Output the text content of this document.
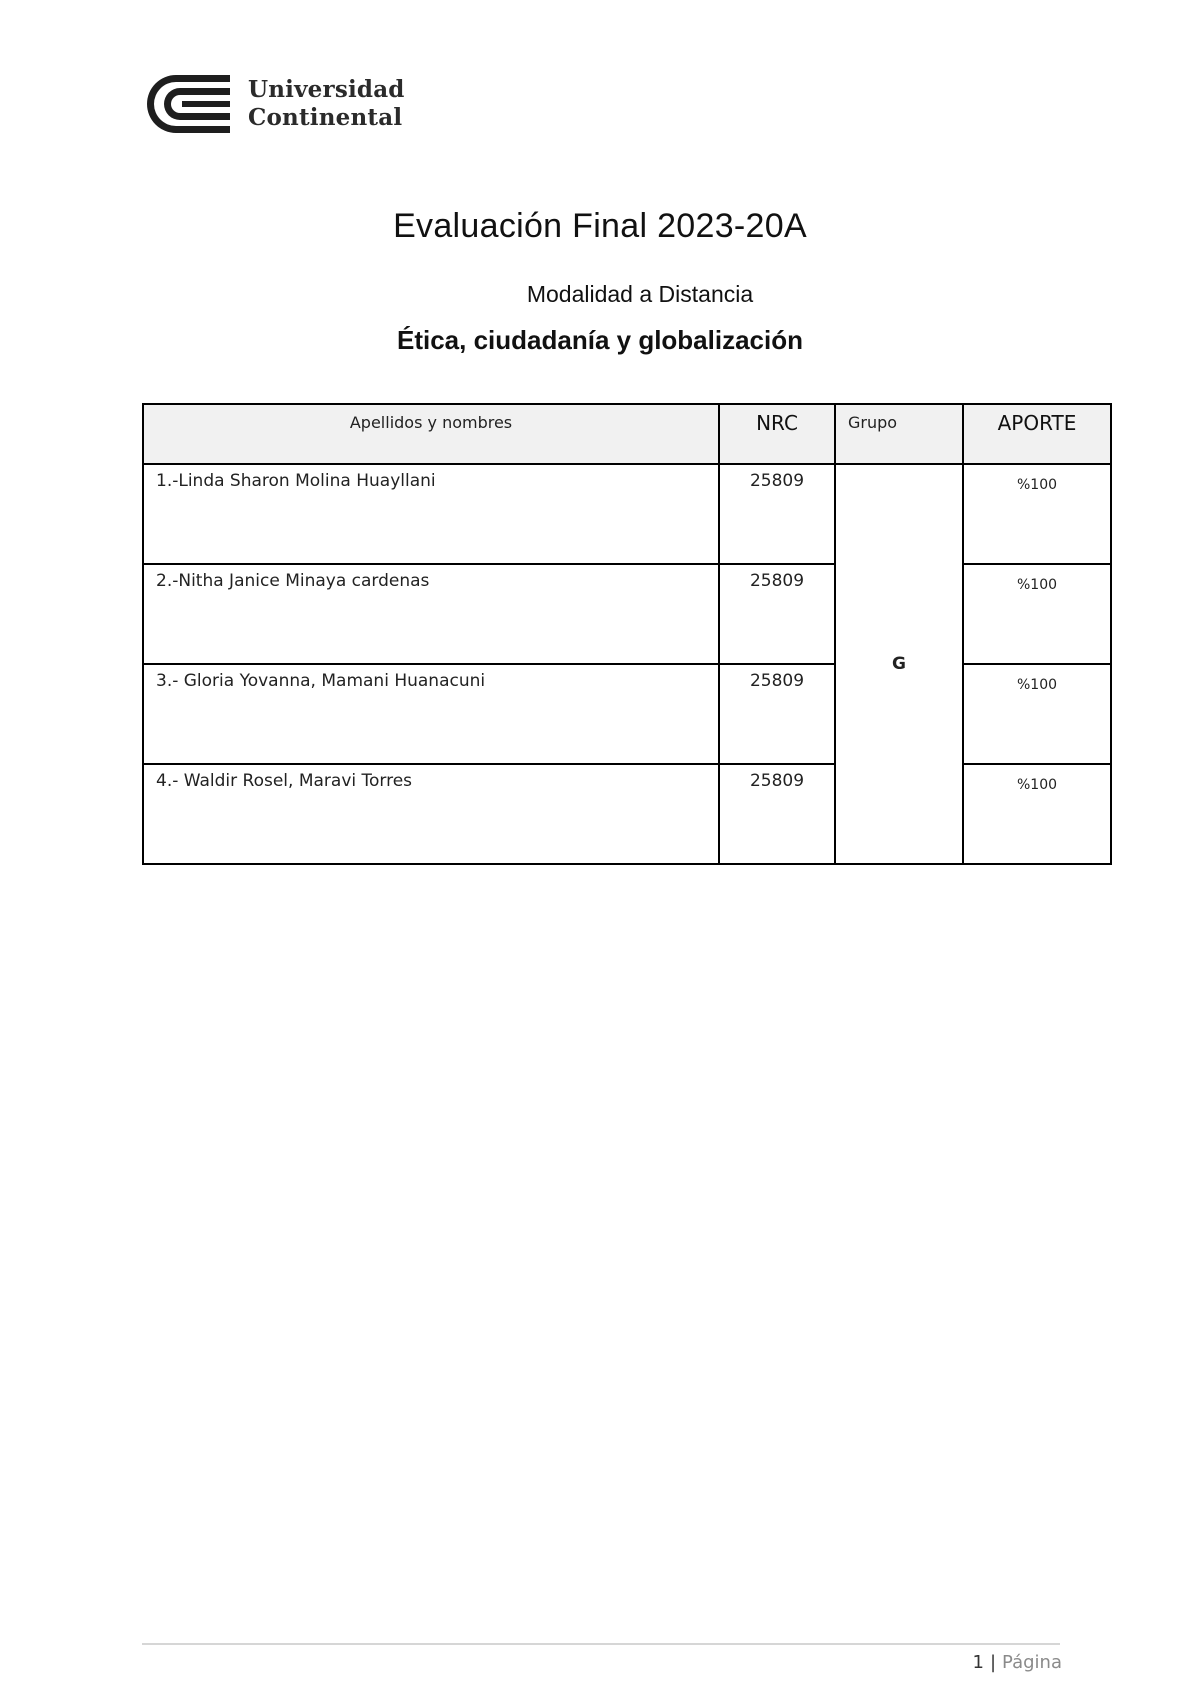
Universidad
Continental
Evaluación Final 2023-20A
Modalidad a Distancia
Ética, ciudadanía y globalización
Apellidos y nombres	NRC	Grupo	APORTE
1.-Linda Sharon Molina Huayllani	25809	G	%100
2.-Nitha Janice Minaya cardenas	25809		%100
3.- Gloria Yovanna, Mamani Huanacuni	25809		%100
4.- Waldir Rosel, Maravi Torres	25809		%100
1 | Página
